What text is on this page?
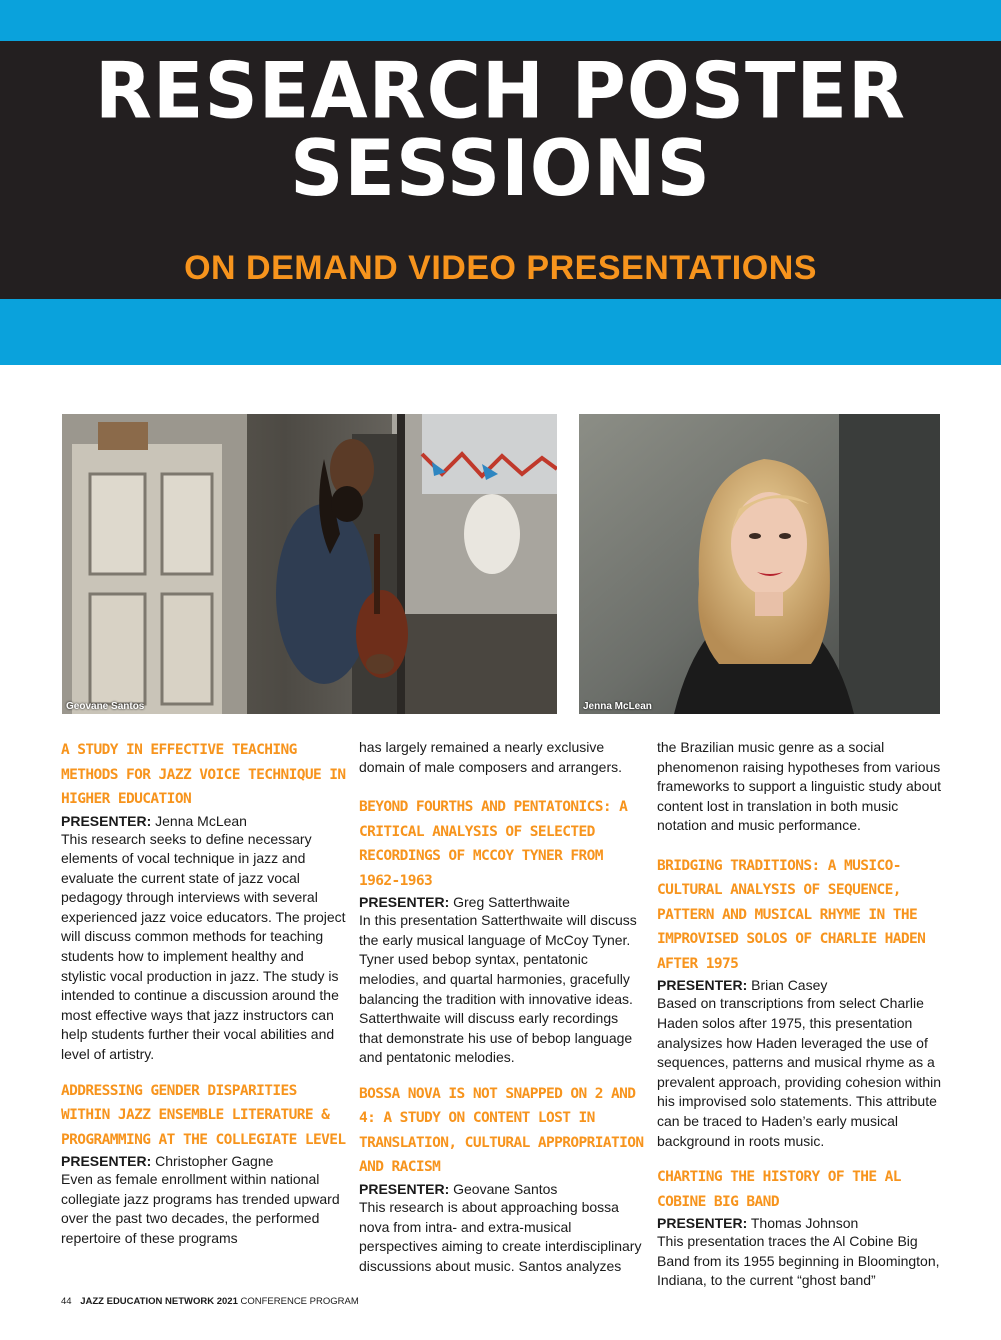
RESEARCH POSTER
SESSIONS
ON DEMAND VIDEO PRESENTATIONS
Geovane Santos	Jenna McLean
A STUDY IN EFFECTIVE TEACHING METHODS FOR JAZZ VOICE TECHNIQUE IN HIGHER EDUCATION

PRESENTER: Jenna McLean

This research seeks to define necessary elements of vocal technique in jazz and evaluate the current state of jazz vocal pedagogy through interviews with several experienced jazz voice educators. The project will discuss common methods for teaching students how to implement healthy and stylistic vocal production in jazz. The study is intended to continue a discussion around the most effective ways that jazz instructors can help students further their vocal abilities and level of artistry.

ADDRESSING GENDER DISPARITIES WITHIN JAZZ ENSEMBLE LITERATURE & PROGRAMMING AT THE COLLEGIATE LEVEL

PRESENTER: Christopher Gagne

Even as female enrollment within national collegiate jazz programs has trended upward over the past two decades, the performed repertoire of these programs

has largely remained a nearly exclusive domain of male composers and arrangers.

BEYOND FOURTHS AND PENTATONICS: A CRITICAL ANALYSIS OF SELECTED RECORDINGS OF MCCOY TYNER FROM 1962-1963

PRESENTER: Greg Satterthwaite

In this presentation Satterthwaite will discuss the early musical language of McCoy Tyner. Tyner used bebop syntax, pentatonic melodies, and quartal harmonies, gracefully balancing the tradition with innovative ideas. Satterthwaite will discuss early recordings that demonstrate his use of bebop language and pentatonic melodies.

BOSSA NOVA IS NOT SNAPPED ON 2 AND 4: A STUDY ON CONTENT LOST IN TRANSLATION, CULTURAL APPROPRIATION AND RACISM

PRESENTER: Geovane Santos

This research is about approaching bossa nova from intra- and extra-musical perspectives aiming to create interdisciplinary discussions about music. Santos analyzes

the Brazilian music genre as a social phenomenon raising hypotheses from various frameworks to support a linguistic study about content lost in translation in both music notation and music performance.

BRIDGING TRADITIONS: A MUSICO-CULTURAL ANALYSIS OF SEQUENCE, PATTERN AND MUSICAL RHYME IN THE IMPROVISED SOLOS OF CHARLIE HADEN AFTER 1975

PRESENTER: Brian Casey

Based on transcriptions from select Charlie Haden solos after 1975, this presentation analysizes how Haden leveraged the use of sequences, patterns and musical rhyme as a prevalent approach, providing cohesion within his improvised solo statements. This attribute can be traced to Haden’s early musical background in roots music.

CHARTING THE HISTORY OF THE AL COBINE BIG BAND

PRESENTER: Thomas Johnson

This presentation traces the Al Cobine Big Band from its 1955 beginning in Bloomington, Indiana, to the current “ghost band”

44 JAZZ EDUCATION NETWORK 2021 CONFERENCE PROGRAM
